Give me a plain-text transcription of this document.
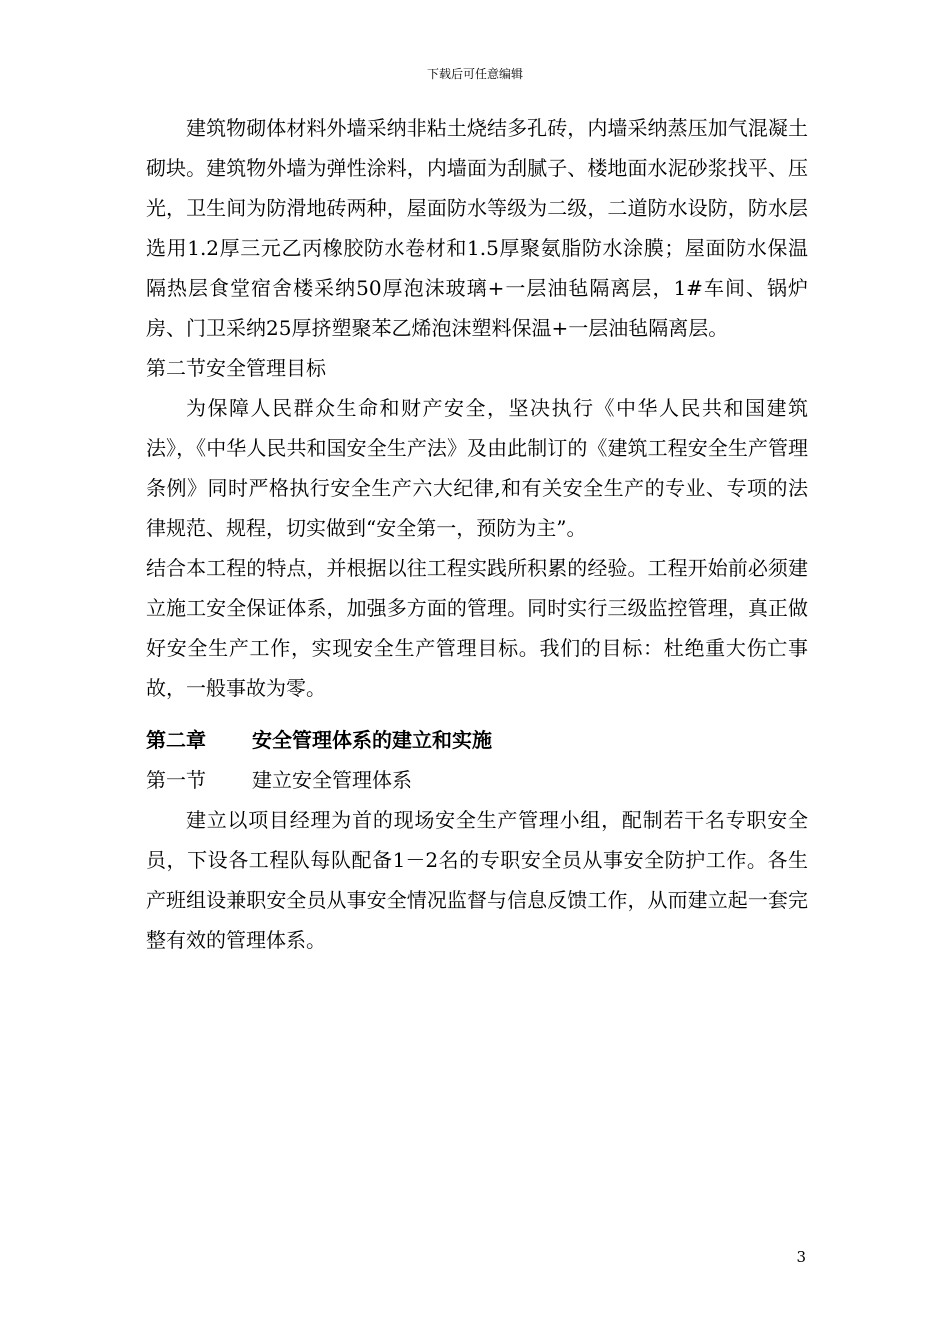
下载后可任意编辑

建筑物砌体材料外墙采纳非粘土烧结多孔砖，内墙采纳蒸压加气混凝土砌块。建筑物外墙为弹性涂料，内墙面为刮腻子、楼地面水泥砂浆找平、压光，卫生间为防滑地砖两种，屋面防水等级为二级，二道防水设防，防水层选用1.2厚三元乙丙橡胶防水卷材和1.5厚聚氨脂防水涂膜；屋面防水保温隔热层食堂宿舍楼采纳50厚泡沫玻璃+一层油毡隔离层，1#车间、锅炉房、门卫采纳25厚挤塑聚苯乙烯泡沫塑料保温+一层油毡隔离层。

第二节安全管理目标

为保障人民群众生命和财产安全，坚决执行《中华人民共和国建筑法》，《中华人民共和国安全生产法》及由此制订的《建筑工程安全生产管理条例》同时严格执行安全生产六大纪律,和有关安全生产的专业、专项的法律规范、规程，切实做到“安全第一，预防为主”。

结合本工程的特点，并根据以往工程实践所积累的经验。工程开始前必须建立施工安全保证体系，加强多方面的管理。同时实行三级监控管理，真正做好安全生产工作，实现安全生产管理目标。我们的目标：杜绝重大伤亡事故，一般事故为零。

第二章 安全管理体系的建立和实施

第一节 建立安全管理体系

建立以项目经理为首的现场安全生产管理小组，配制若干名专职安全员，下设各工程队每队配备1－2名的专职安全员从事安全防护工作。各生产班组设兼职安全员从事安全情况监督与信息反馈工作，从而建立起一套完整有效的管理体系。

3
